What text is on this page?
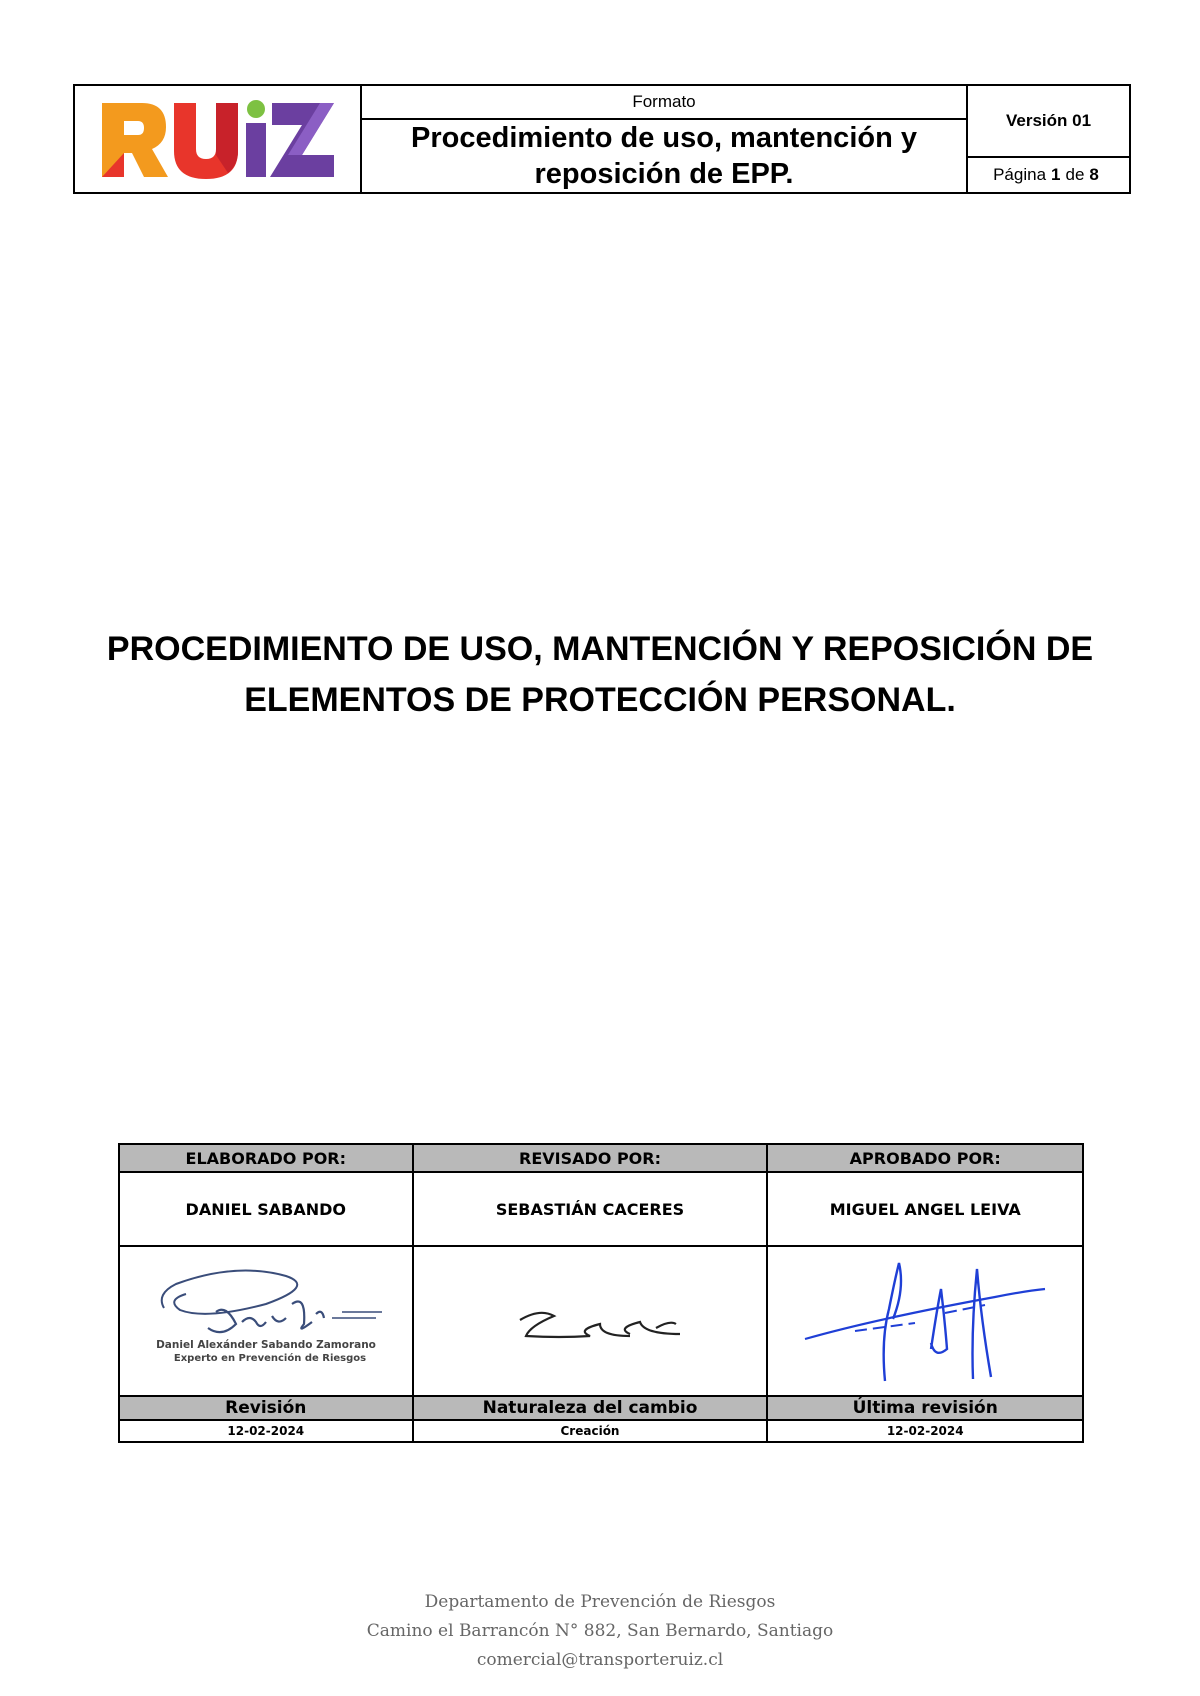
Formato
Procedimiento de uso, mantención y
reposición de EPP.
Versión 01
Página 1 de 8
PROCEDIMIENTO DE USO, MANTENCIÓN Y REPOSICIÓN DE
ELEMENTOS DE PROTECCIÓN PERSONAL.
ELABORADO POR:	REVISADO POR:	APROBADO POR:
DANIEL SABANDO	SEBASTIÁN CACERES	MIGUEL ANGEL LEIVA

Daniel Alexánder Sabando Zamorano
Experto en Prevención de Riesgos

Revisión	Naturaleza del cambio	Última revisión
12-02-2024	Creación	12-02-2024
Departamento de Prevención de Riesgos
Camino el Barrancón N° 882, San Bernardo, Santiago
comercial@transporteruiz.cl
